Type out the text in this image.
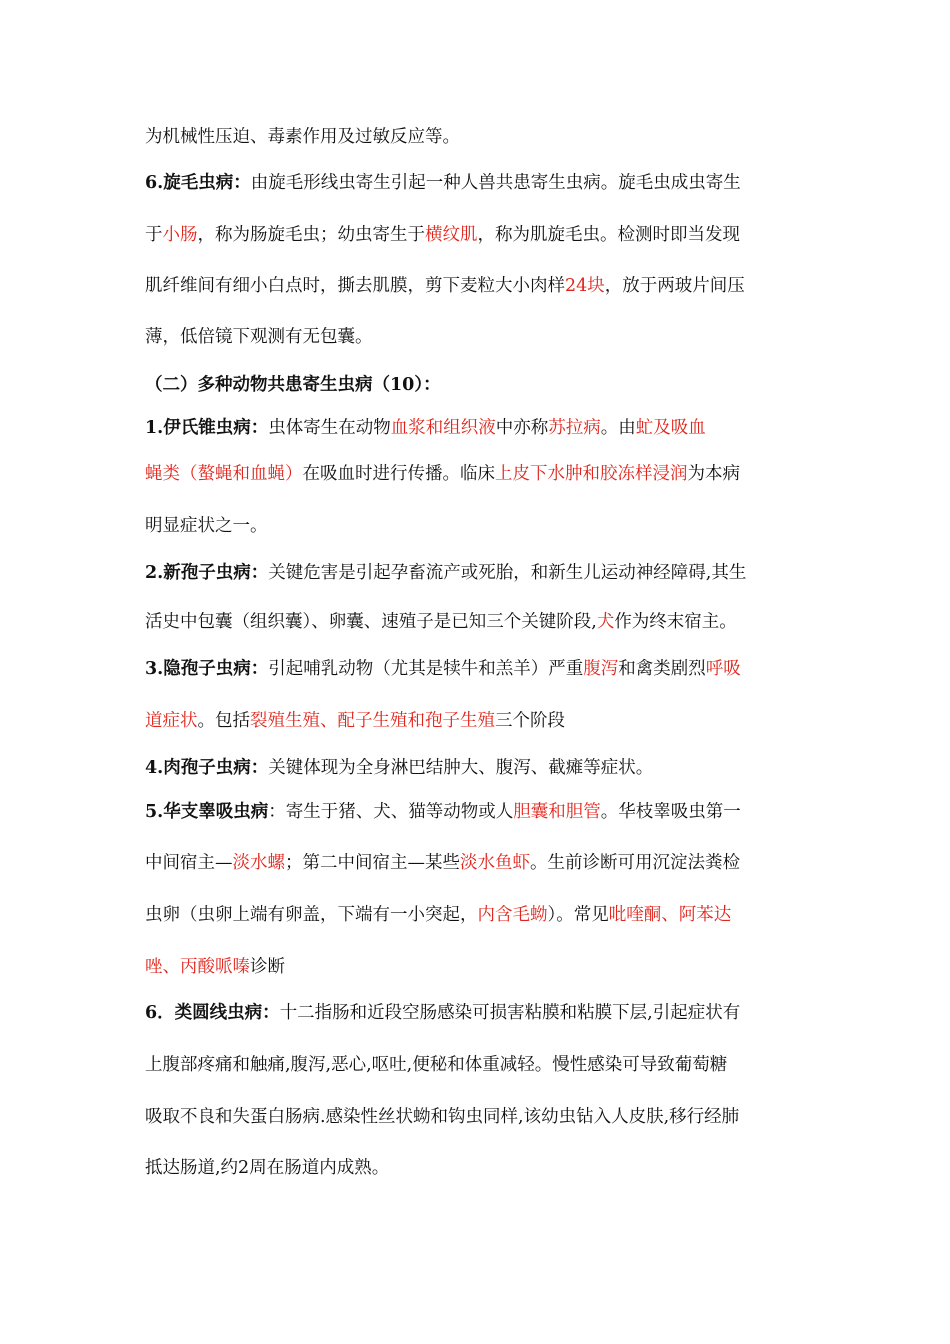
为机械性压迫、毒素作用及过敏反应等。
6.旋毛虫病：由旋毛形线虫寄生引起一种人兽共患寄生虫病。旋毛虫成虫寄生
于小肠，称为肠旋毛虫；幼虫寄生于横纹肌，称为肌旋毛虫。检测时即当发现
肌纤维间有细小白点时，撕去肌膜，剪下麦粒大小肉样24块，放于两玻片间压
薄，低倍镜下观测有无包囊。
（二）多种动物共患寄生虫病（10）：
1.伊氏锥虫病：虫体寄生在动物血浆和组织液中亦称苏拉病。由虻及吸血
蝇类（螯蝇和血蝇）在吸血时进行传播。临床上皮下水肿和胶冻样浸润为本病
明显症状之一。
2.新孢子虫病：关键危害是引起孕畜流产或死胎，和新生儿运动神经障碍,其生
活史中包囊（组织囊）、卵囊、速殖子是已知三个关键阶段,犬作为终末宿主。
3.隐孢子虫病：引起哺乳动物（尤其是犊牛和羔羊）严重腹泻和禽类剧烈呼吸
道症状。包括裂殖生殖、配子生殖和孢子生殖三个阶段
4.肉孢子虫病：关键体现为全身淋巴结肿大、腹泻、截瘫等症状。
5.华支睾吸虫病：寄生于猪、犬、猫等动物或人胆囊和胆管。华枝睾吸虫第一
中间宿主—淡水螺；第二中间宿主—某些淡水鱼虾。生前诊断可用沉淀法粪检
虫卵（虫卵上端有卵盖，下端有一小突起，内含毛蚴）。常见吡喹酮、阿苯达
唑、丙酸哌嗪诊断
6．类圆线虫病：十二指肠和近段空肠感染可损害粘膜和粘膜下层,引起症状有
上腹部疼痛和触痛,腹泻,恶心,呕吐,便秘和体重减轻。慢性感染可导致葡萄糖
吸取不良和失蛋白肠病.感染性丝状蚴和钩虫同样,该幼虫钻入人皮肤,移行经肺
抵达肠道,约2周在肠道内成熟。
